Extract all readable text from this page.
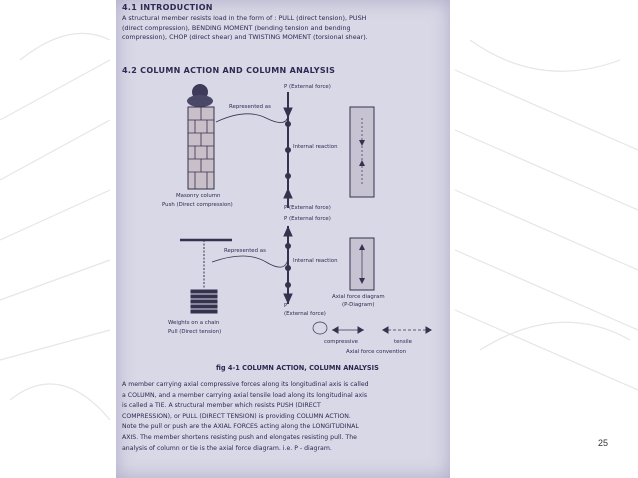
4.1 INTRODUCTION
A structural member resists load in the form of : PULL (direct tension), PUSH
(direct compression), BENDING MOMENT (bending tension and bending
compression), CHOP (direct shear) and TWISTING MOMENT (torsional shear).
4.2 COLUMN ACTION AND COLUMN ANALYSIS
Represented as
P (External force)
Internal reaction
Masonry column
Push (Direct compression)	P (External force)
P (External force)
Represented as
Internal reaction
Axial force diagram
(P-Diagram)
P
(External force)
Weights on a chain
Pull (Direct tension)
compressive	tensile
Axial force convention
fig 4-1 COLUMN ACTION, COLUMN ANALYSIS
A member carrying axial compressive forces along its longitudinal axis is called
a COLUMN, and a member carrying axial tensile load along its longitudinal axis
is called a TIE. A structural member which resists PUSH (DIRECT
COMPRESSION), or PULL (DIRECT TENSION) is providing COLUMN ACTION.
Note the pull or push are the AXIAL FORCES acting along the LONGITUDINAL
AXIS. The member shortens resisting push and elongates resisting pull. The
analysis of column or tie is the axial force diagram. i.e. P - diagram.
25
